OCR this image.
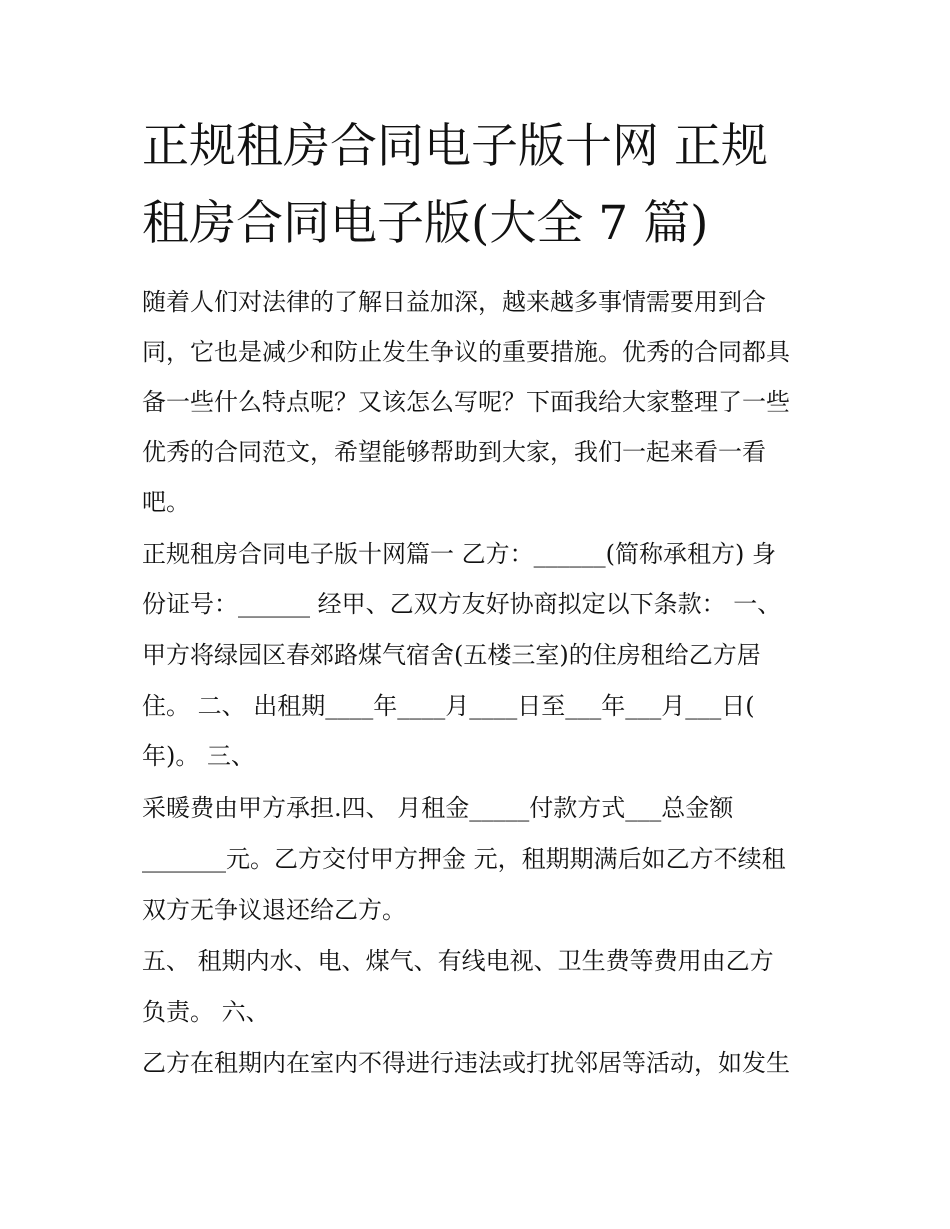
正规租房合同电子版十网 正规
租房合同电子版(大全 7 篇)
随着人们对法律的了解日益加深，越来越多事情需要用到合
同，它也是减少和防止发生争议的重要措施。优秀的合同都具
备一些什么特点呢？又该怎么写呢？下面我给大家整理了一些
优秀的合同范文，希望能够帮助到大家，我们一起来看一看
吧。
正规租房合同电子版十网篇一 乙方：______(简称承租方) 身
份证号：______ 经甲、乙双方友好协商拟定以下条款： 一、
甲方将绿园区春郊路煤气宿舍(五楼三室)的住房租给乙方居
住。 二、 出租期____年____月____日至___年___月___日(
年)。 三、
采暖费由甲方承担.四、 月租金_____付款方式___总金额
_______元。乙方交付甲方押金 元，租期期满后如乙方不续租
双方无争议退还给乙方。
五、 租期内水、电、煤气、有线电视、卫生费等费用由乙方
负责。 六、
乙方在租期内在室内不得进行违法或打扰邻居等活动，如发生
